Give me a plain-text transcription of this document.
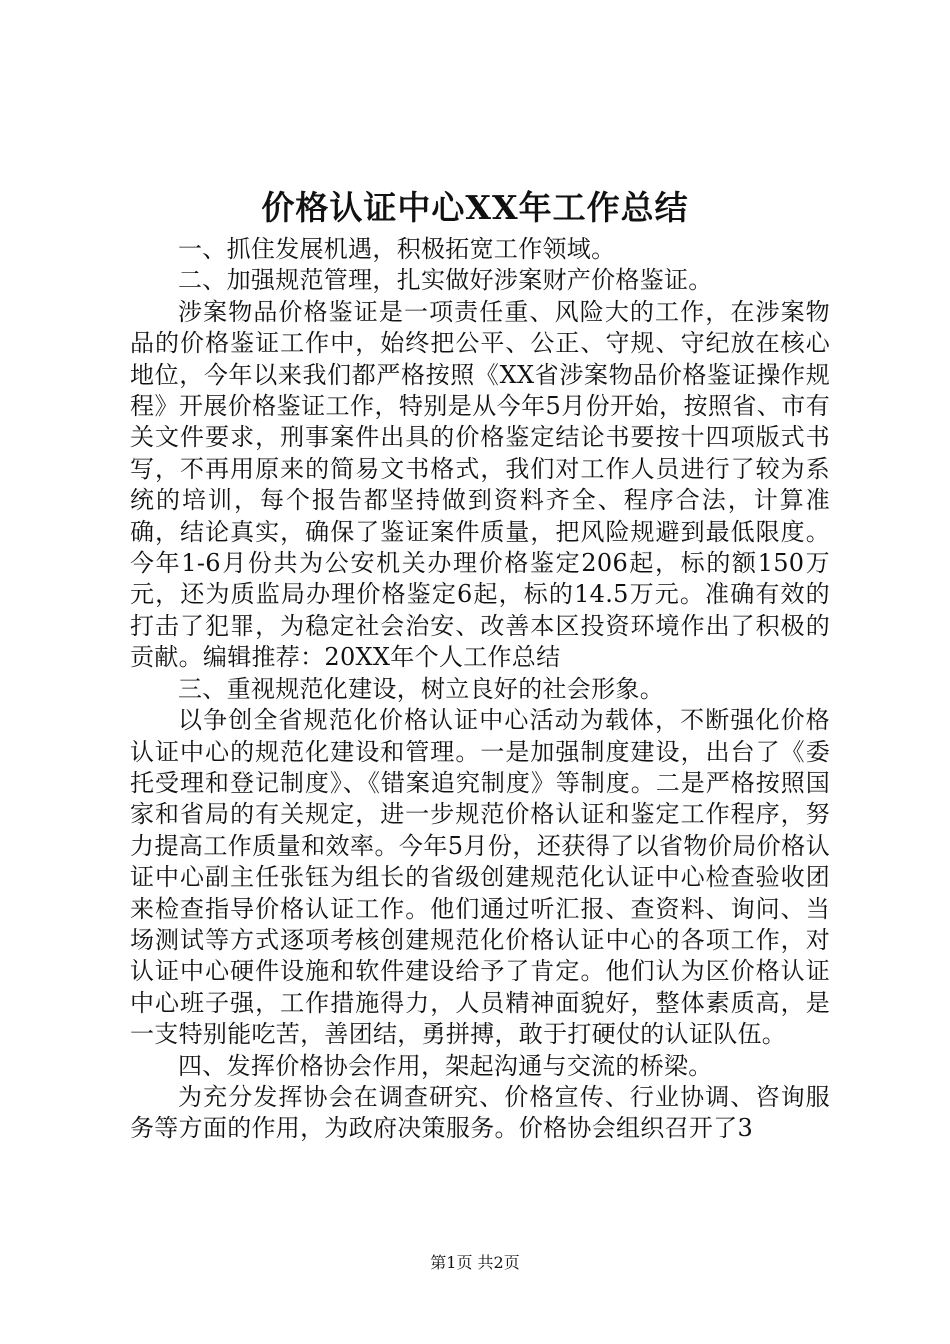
价格认证中心XX年工作总结

一、抓住发展机遇，积极拓宽工作领域。

二、加强规范管理，扎实做好涉案财产价格鉴证。

涉案物品价格鉴证是一项责任重、风险大的工作，在涉案物品的价格鉴证工作中，始终把公平、公正、守规、守纪放在核心地位，今年以来我们都严格按照《XX省涉案物品价格鉴证操作规程》开展价格鉴证工作，特别是从今年5月份开始，按照省、市有关文件要求，刑事案件出具的价格鉴定结论书要按十四项版式书写，不再用原来的简易文书格式，我们对工作人员进行了较为系统的培训，每个报告都坚持做到资料齐全、程序合法，计算准确，结论真实，确保了鉴证案件质量，把风险规避到最低限度。今年1-6月份共为公安机关办理价格鉴定206起，标的额150万元，还为质监局办理价格鉴定6起，标的14.5万元。准确有效的打击了犯罪，为稳定社会治安、改善本区投资环境作出了积极的贡献。编辑推荐：20XX年个人工作总结

三、重视规范化建设，树立良好的社会形象。

以争创全省规范化价格认证中心活动为载体，不断强化价格认证中心的规范化建设和管理。一是加强制度建设，出台了《委托受理和登记制度》、《错案追究制度》等制度。二是严格按照国家和省局的有关规定，进一步规范价格认证和鉴定工作程序，努力提高工作质量和效率。今年5月份，还获得了以省物价局价格认证中心副主任张钰为组长的省级创建规范化认证中心检查验收团来检查指导价格认证工作。他们通过听汇报、查资料、询问、当场测试等方式逐项考核创建规范化价格认证中心的各项工作，对认证中心硬件设施和软件建设给予了肯定。他们认为区价格认证中心班子强，工作措施得力，人员精神面貌好，整体素质高，是一支特别能吃苦，善团结，勇拼搏，敢于打硬仗的认证队伍。

四、发挥价格协会作用，架起沟通与交流的桥梁。

为充分发挥协会在调查研究、价格宣传、行业协调、咨询服务等方面的作用，为政府决策服务。价格协会组织召开了3

第1页 共2页
